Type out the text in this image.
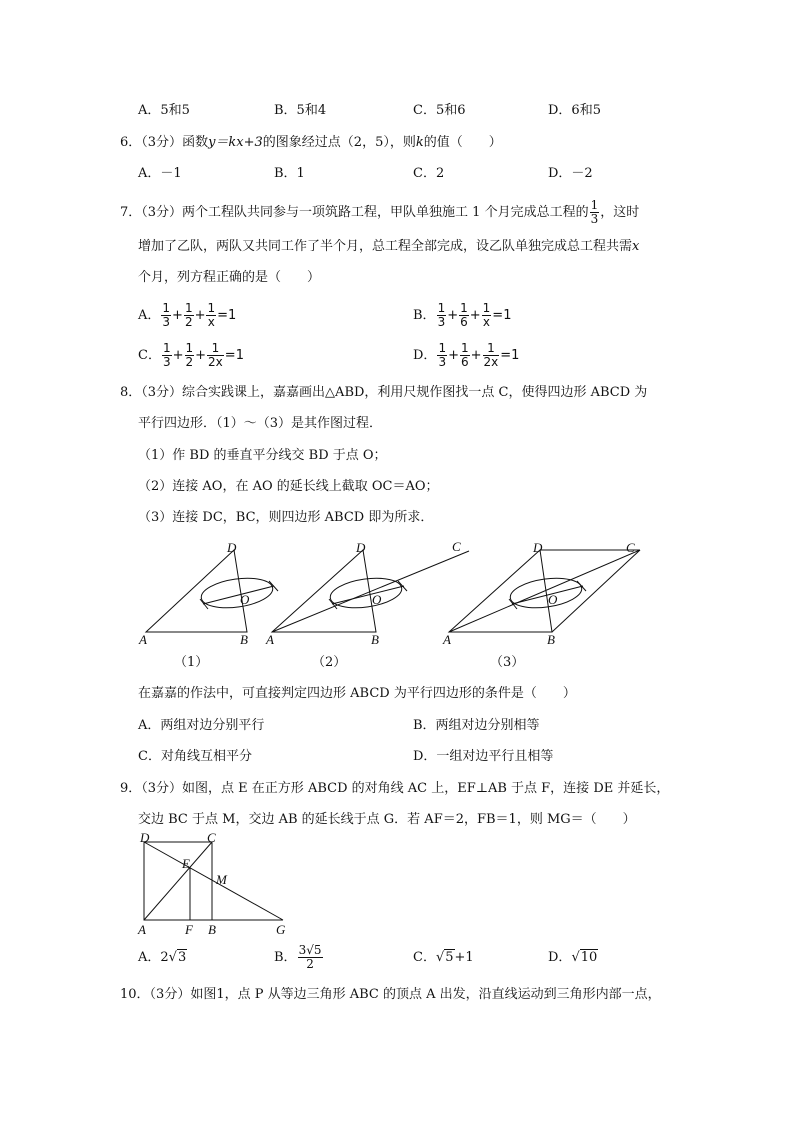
A．5和5	B．5和4	C．5和6	D．6和5
6．（3分）函数y＝kx+3的图象经过点（2，5），则k的值（　　）
A．－1	B．1	C．2	D．－2
7．（3分）两个工程队共同参与一项筑路工程，甲队单独施工 1 个月完成总工程的 $\frac{1}{3}$ ，这时
增加了乙队，两队又共同工作了半个月，总工程全部完成，设乙队单独完成总工程共需x
个月，列方程正确的是（　　）
A． $\frac{1}{3} + \frac{1}{2} + \frac{1}{x} =1$	B． $\frac{1}{3} + \frac{1}{6} + \frac{1}{x} =1$
C． $\frac{1}{3} + \frac{1}{2} + \frac{1}{2x} =1$	D． $\frac{1}{3} + \frac{1}{6} + \frac{1}{2x} =1$
8．（3分）综合实践课上，嘉嘉画出△ABD，利用尺规作图找一点 C，使得四边形 ABCD 为
平行四边形．（1）～（3）是其作图过程．
（1）作 BD 的垂直平分线交 BD 于点 O；
（2）连接 AO，在 AO 的延长线上截取 OC＝AO；
（3）连接 DC，BC，则四边形 ABCD 即为所求．
A	B
D
O
A	B
D	C
O
A	B
D	C
O
（1）	（2）	（3）
在嘉嘉的作法中，可直接判定四边形 ABCD 为平行四边形的条件是（　　）
A．两组对边分别平行	B．两组对边分别相等
C．对角线互相平分	D．一组对边平行且相等
9．（3分）如图，点 E 在正方形 ABCD 的对角线 AC 上，EF⊥AB 于点 F，连接 DE 并延长，
交边 BC 于点 M，交边 AB 的延长线于点 G．若 AF＝2，FB＝1，则 MG＝（　　）
D	C
E
M
A	F B	G
A．2√3	B． $\frac{3√5}{2}$	C．√5+1	D．√10
10．（3分）如图1，点 P 从等边三角形 ABC 的顶点 A 出发，沿直线运动到三角形内部一点，
